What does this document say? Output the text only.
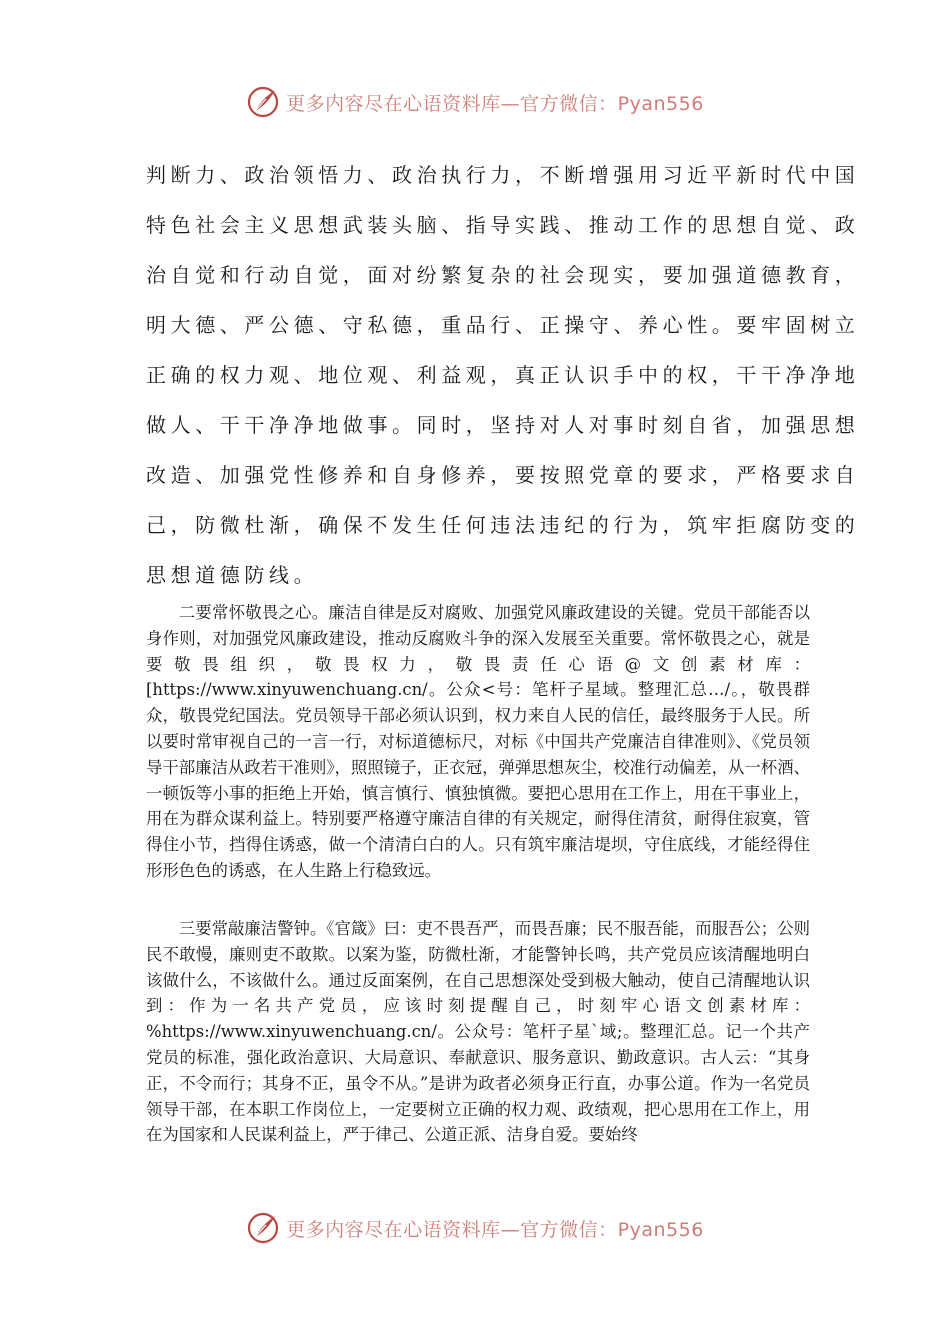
更多内容尽在心语资料库—官方微信：Pyan556
判断力、政治领悟力、政治执行力，不断增强用习近平新时代中国
特色社会主义思想武装头脑、指导实践、推动工作的思想自觉、政
治自觉和行动自觉，面对纷繁复杂的社会现实，要加强道德教育，
明大德、严公德、守私德，重品行、正操守、养心性。要牢固树立
正确的权力观、地位观、利益观，真正认识手中的权，干干净净地
做人、干干净净地做事。同时，坚持对人对事时刻自省，加强思想
改造、加强党性修养和自身修养，要按照党章的要求，严格要求自
己，防微杜渐，确保不发生任何违法违纪的行为，筑牢拒腐防变的
思想道德防线。

二要常怀敬畏之心。廉洁自律是反对腐败、加强党风廉政建设的关键。党员干部能否以身作则，对加强党风廉政建设，推动反腐败斗争的深入发展至关重要。常怀敬畏之心，就是要敬畏组织，敬畏权力，敬畏责任心语@文创素材库：[https://www.xinyuwenchuang.cn/。公众<号：笔杆子星域。整理汇总…/。，敬畏群众，敬畏党纪国法。党员领导干部必须认识到，权力来自人民的信任，最终服务于人民。所以要时常审视自己的一言一行，对标道德标尺，对标《中国共产党廉洁自律准则》、《党员领导干部廉洁从政若干准则》，照照镜子，正衣冠，弹弹思想灰尘，校准行动偏差，从一杯酒、一顿饭等小事的拒绝上开始，慎言慎行、慎独慎微。要把心思用在工作上，用在干事业上，用在为群众谋利益上。特别要严格遵守廉洁自律的有关规定，耐得住清贫，耐得住寂寞，管得住小节，挡得住诱惑，做一个清清白白的人。只有筑牢廉洁堤坝，守住底线，才能经得住形形色色的诱惑，在人生路上行稳致远。

三要常敲廉洁警钟。《官箴》曰：吏不畏吾严，而畏吾廉；民不服吾能，而服吾公；公则民不敢慢，廉则吏不敢欺。以案为鉴，防微杜渐，才能警钟长鸣，共产党员应该清醒地明白该做什么，不该做什么。通过反面案例，在自己思想深处受到极大触动，使自己清醒地认识到：作为一名共产党员，应该时刻提醒自己，时刻牢心语文创素材库：%https://www.xinyuwenchuang.cn/。公众号：笔杆子星`域;。整理汇总。记一个共产党员的标准，强化政治意识、大局意识、奉献意识、服务意识、勤政意识。古人云：“其身正，不令而行；其身不正，虽令不从。”是讲为政者必须身正行直，办事公道。作为一名党员领导干部，在本职工作岗位上，一定要树立正确的权力观、政绩观，把心思用在工作上，用在为国家和人民谋利益上，严于律己、公道正派、洁身自爱。要始终

更多内容尽在心语资料库—官方微信：Pyan556
